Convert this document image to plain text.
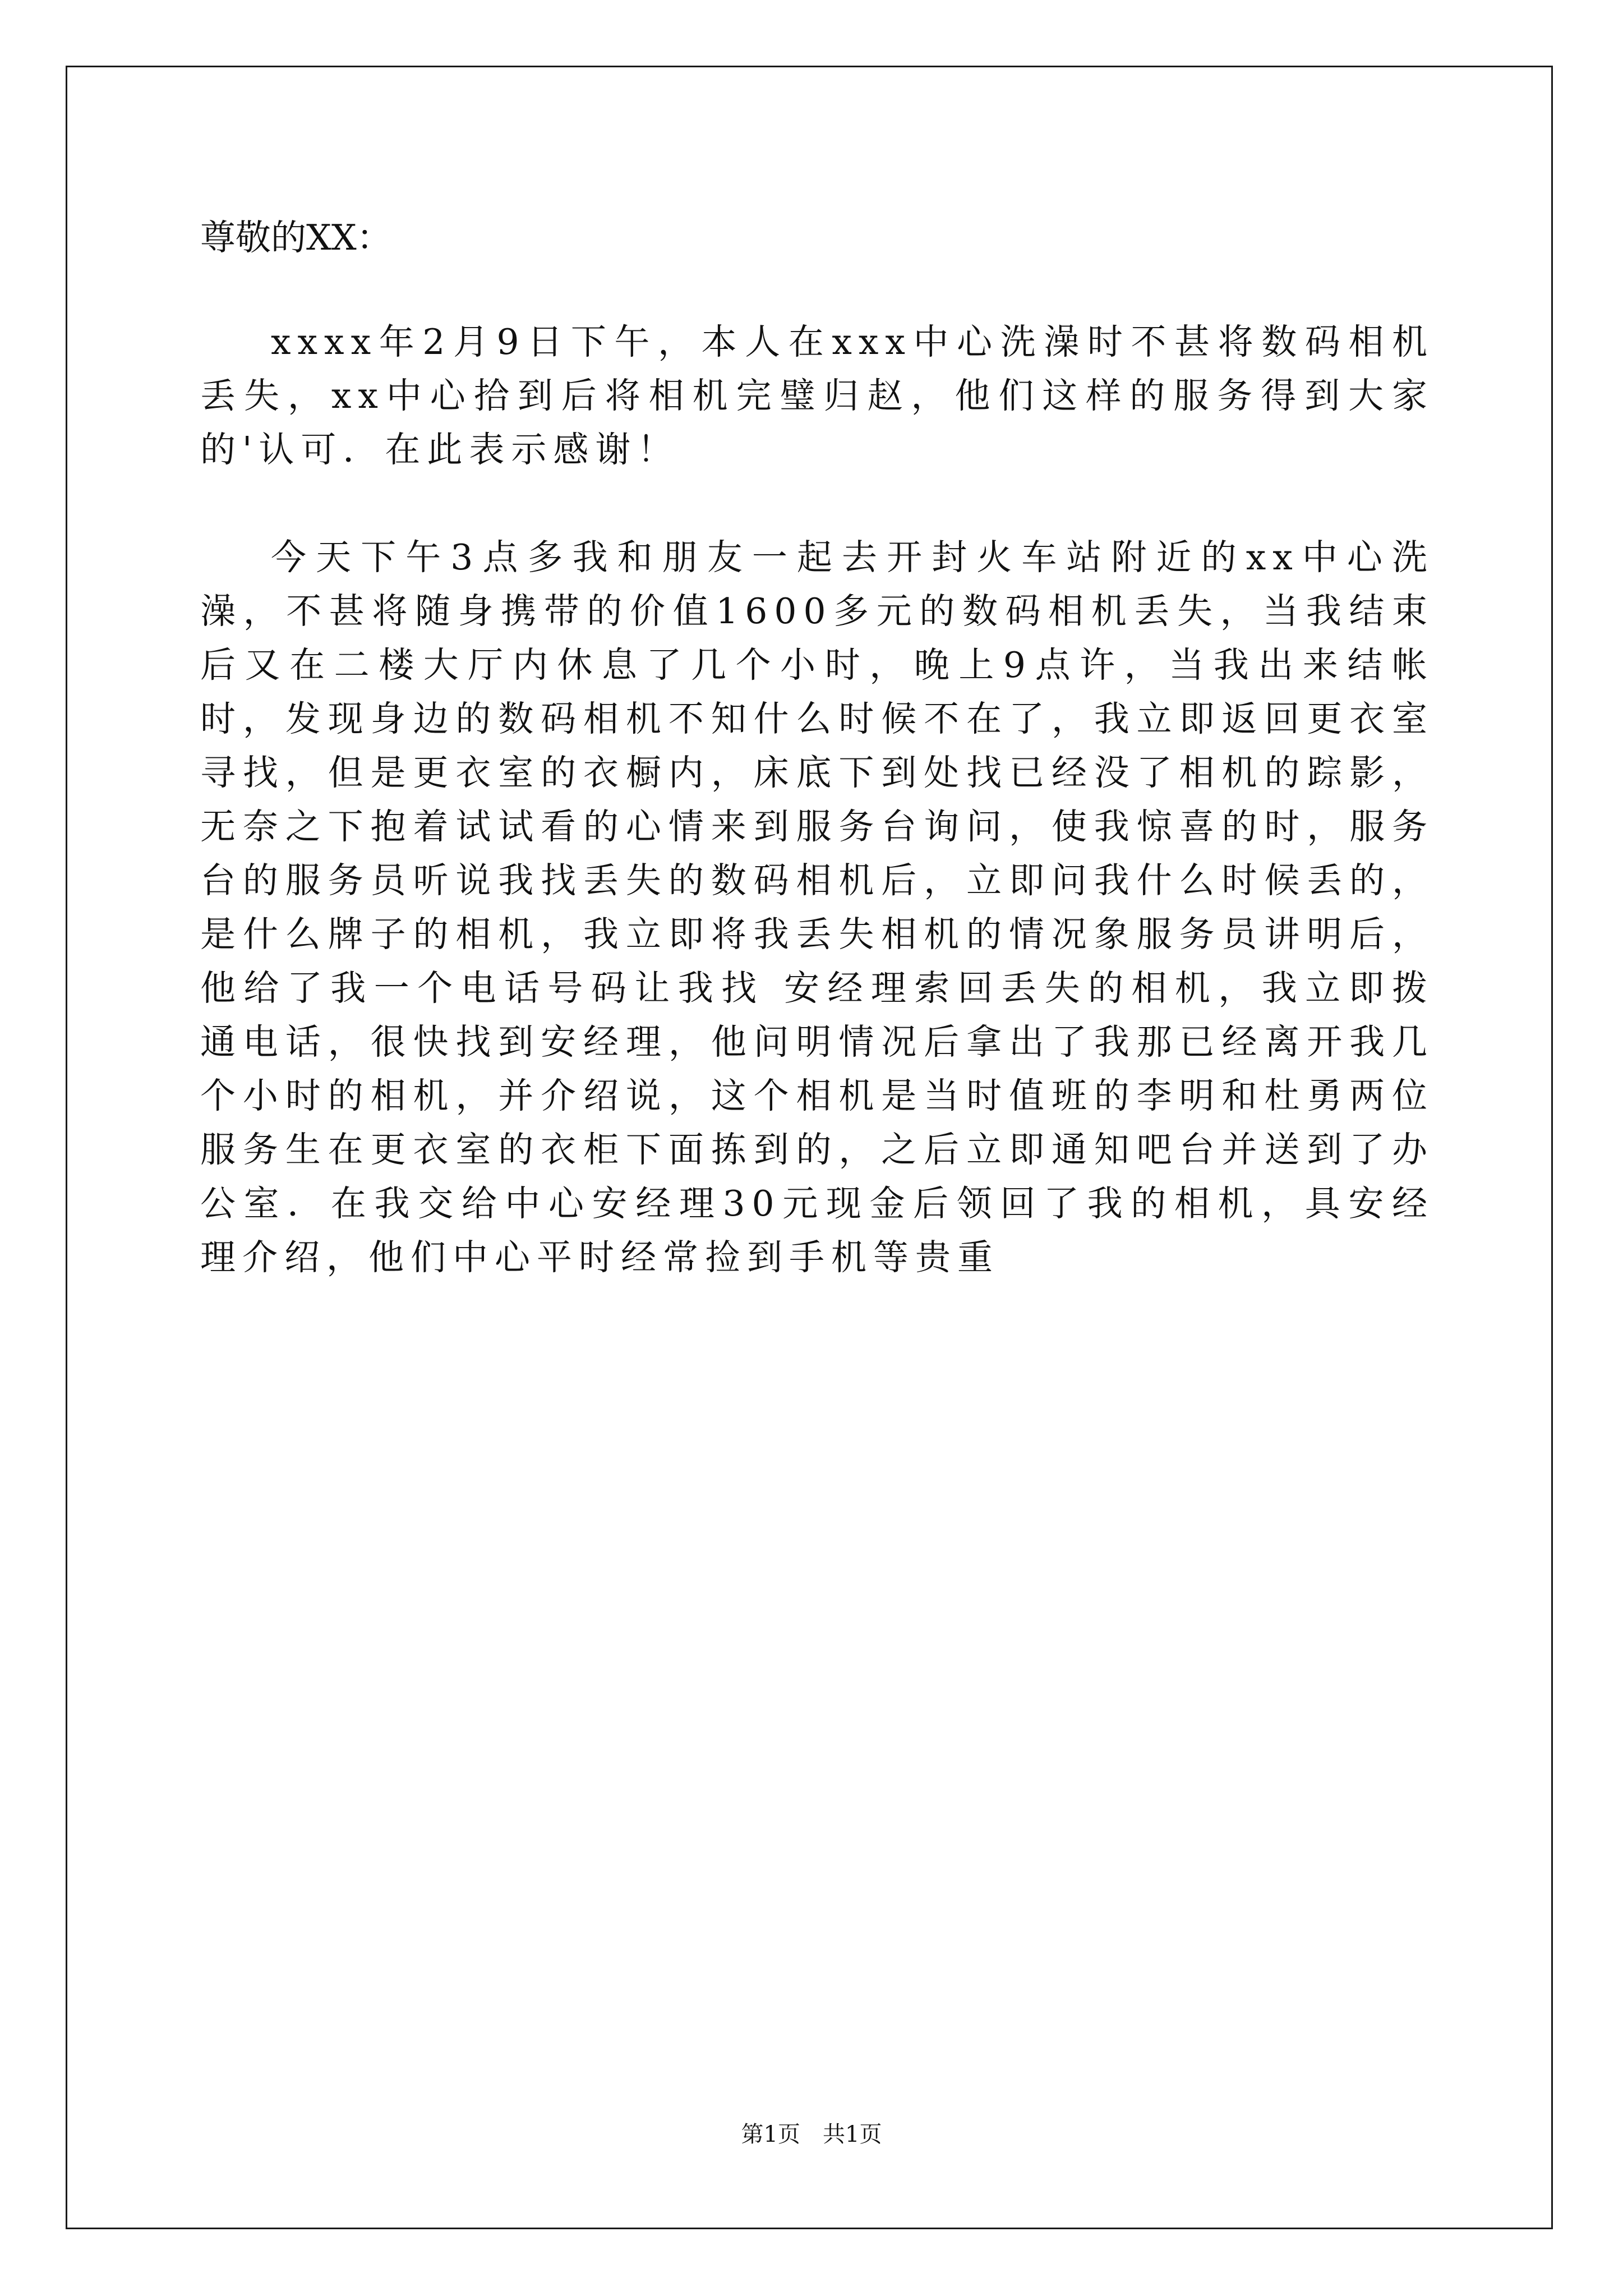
尊敬的XX：

xxxx年2月9日下午，本人在xxx中心洗澡时不甚将数码相机丢失，xx中心拾到后将相机完璧归赵，他们这样的服务得到大家的'认可．在此表示感谢！

今天下午3点多我和朋友一起去开封火车站附近的xx中心洗澡，不甚将随身携带的价值1600多元的数码相机丢失，当我结束后又在二楼大厅内休息了几个小时，晚上9点许，当我出来结帐时，发现身边的数码相机不知什么时候不在了，我立即返回更衣室寻找，但是更衣室的衣橱内，床底下到处找已经没了相机的踪影，无奈之下抱着试试看的心情来到服务台询问，使我惊喜的时，服务台的服务员听说我找丢失的数码相机后，立即问我什么时候丢的，是什么牌子的相机，我立即将我丢失相机的情况象服务员讲明后，他给了我一个电话号码让我找 安经理索回丢失的相机，我立即拨通电话，很快找到安经理，他问明情况后拿出了我那已经离开我几个小时的相机，并介绍说，这个相机是当时值班的李明和杜勇两位服务生在更衣室的衣柜下面拣到的，之后立即通知吧台并送到了办公室．在我交给中心安经理30元现金后领回了我的相机，具安经理介绍，他们中心平时经常捡到手机等贵重

第1页　共1页
